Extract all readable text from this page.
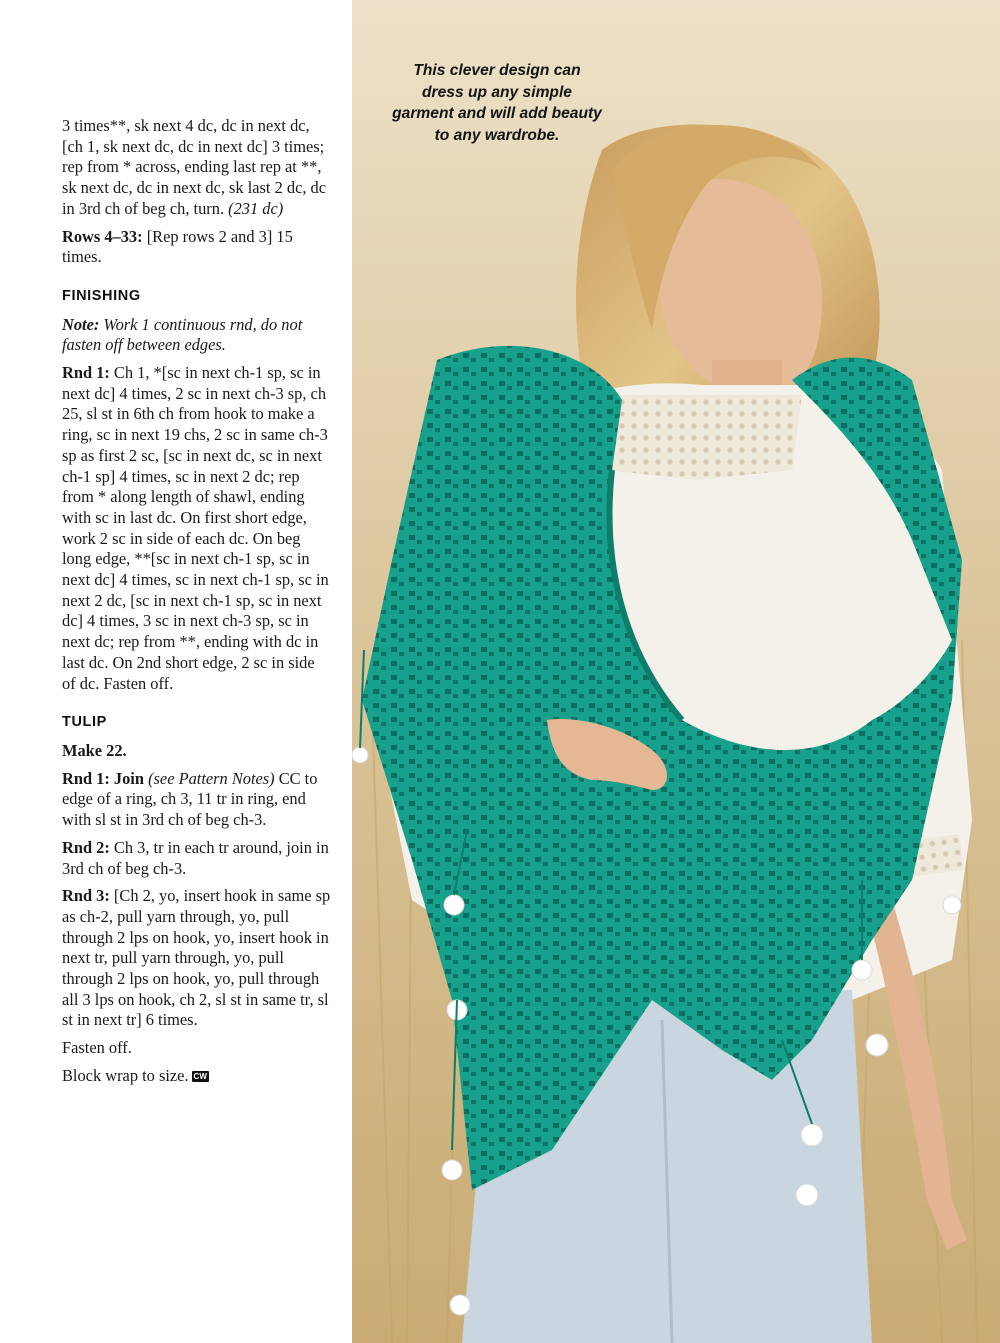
3 times**, sk next 4 dc, dc in next dc, [ch 1, sk next dc, dc in next dc] 3 times; rep from * across, ending last rep at **, sk next dc, dc in next dc, sk last 2 dc, dc in 3rd ch of beg ch, turn. (231 dc)

Rows 4–33: [Rep rows 2 and 3] 15 times.

FINISHING

Note: Work 1 continuous rnd, do not fasten off between edges.

Rnd 1: Ch 1, *[sc in next ch-1 sp, sc in next dc] 4 times, 2 sc in next ch-3 sp, ch 25, sl st in 6th ch from hook to make a ring, sc in next 19 chs, 2 sc in same ch-3 sp as first 2 sc, [sc in next dc, sc in next ch-1 sp] 4 times, sc in next 2 dc; rep from * along length of shawl, ending with sc in last dc. On first short edge, work 2 sc in side of each dc. On beg long edge, **[sc in next ch-1 sp, sc in next dc] 4 times, sc in next ch-1 sp, sc in next 2 dc, [sc in next ch-1 sp, sc in next dc] 4 times, 3 sc in next ch-3 sp, sc in next dc; rep from **, ending with dc in last dc. On 2nd short edge, 2 sc in side of dc. Fasten off.

TULIP

Make 22.

Rnd 1: Join (see Pattern Notes) CC to edge of a ring, ch 3, 11 tr in ring, end with sl st in 3rd ch of beg ch-3.

Rnd 2: Ch 3, tr in each tr around, join in 3rd ch of beg ch-3.

Rnd 3: [Ch 2, yo, insert hook in same sp as ch-2, pull yarn through, yo, pull through 2 lps on hook, yo, insert hook in next tr, pull yarn through, yo, pull through 2 lps on hook, yo, pull through all 3 lps on hook, ch 2, sl st in same tr, sl st in next tr] 6 times.

Fasten off.

Block wrap to size. CW

This clever design can dress up any simple garment and will add beauty to any wardrobe.
